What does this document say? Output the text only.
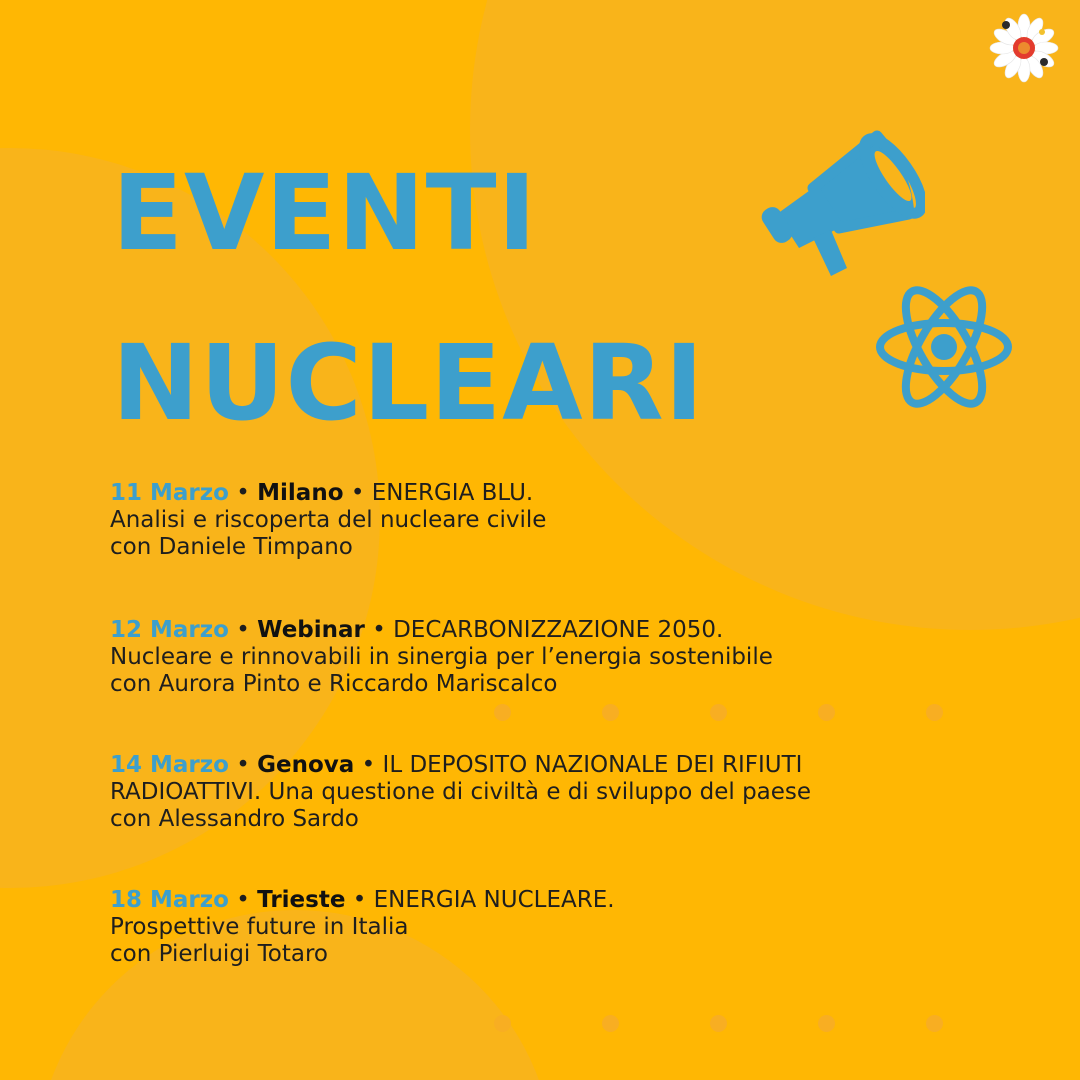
EVENTI
NUCLEARI
11 Marzo • Milano • ENERGIA BLU.
Analisi e riscoperta del nucleare civile
con Daniele Timpano
12 Marzo • Webinar • DECARBONIZZAZIONE 2050.
Nucleare e rinnovabili in sinergia per l’energia sostenibile
con Aurora Pinto e Riccardo Mariscalco
14 Marzo • Genova • IL DEPOSITO NAZIONALE DEI RIFIUTI
RADIOATTIVI. Una questione di civiltà e di sviluppo del paese
con Alessandro Sardo
18 Marzo • Trieste • ENERGIA NUCLEARE.
Prospettive future in Italia
con Pierluigi Totaro
